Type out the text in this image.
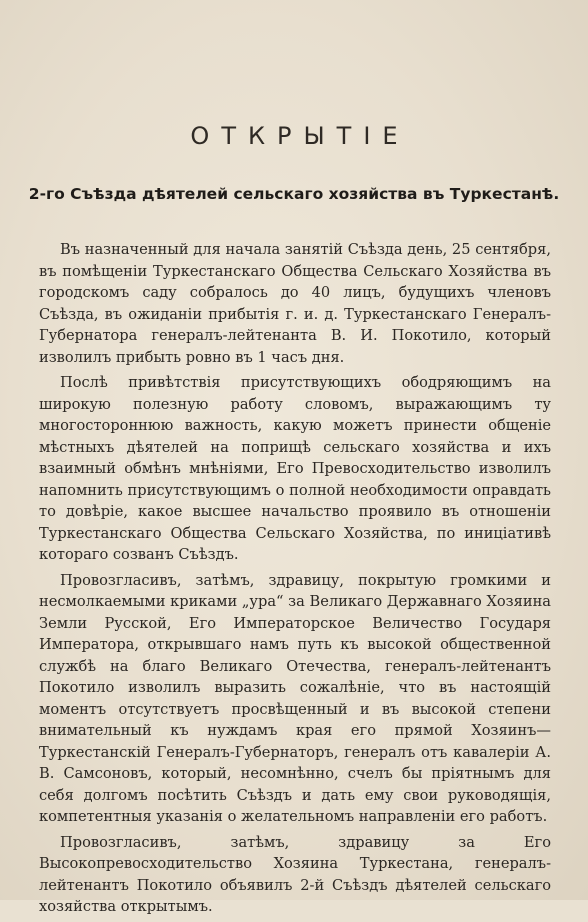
ОТКРЫТІЕ
2-го Съѣзда дѣятелей сельскаго хозяйства въ Туркестанѣ.

Въ назначенный для начала занятій Съѣзда день, 25 сентября, въ помѣщеніи Туркестанскаго Общества Сельскаго Хозяйства въ городскомъ саду собралось до 40 лицъ, будущихъ членовъ Съѣзда, въ ожиданіи прибытія г. и. д. Туркестанскаго Генералъ-Губернатора генералъ-лейтенанта В. И. Покотило, который изволилъ прибыть ровно въ 1 часъ дня.

Послѣ привѣтствія присутствующихъ ободряющимъ на широкую полезную работу словомъ, выражающимъ ту многостороннюю важность, какую можетъ принести общеніе мѣстныхъ дѣятелей на поприщѣ сельскаго хозяйства и ихъ взаимный обмѣнъ мнѣніями, Его Превосходительство изволилъ напомнить присутствующимъ о полной необходимости оправдать то довѣріе, какое высшее начальство проявило въ отношеніи Туркестанскаго Общества Сельскаго Хозяйства, по иниціативѣ котораго созванъ Съѣздъ.

Провозгласивъ, затѣмъ, здравицу, покрытую громкими и несмолкаемыми криками „ура“ за Великаго Державнаго Хозяина Земли Русской, Его Императорское Величество Государя Императора, открывшаго намъ путь къ высокой общественной службѣ на благо Великаго Отечества, генералъ-лейтенантъ Покотило изволилъ выразить сожалѣніе, что въ настоящій моментъ отсутствуетъ просвѣщенный и въ высокой степени внимательный къ нуждамъ края его прямой Хозяинъ—Туркестанскій Генералъ-Губернаторъ, генералъ отъ кавалеріи А. В. Самсоновъ, который, несомнѣнно, счелъ бы пріятнымъ для себя долгомъ посѣтить Съѣздъ и дать ему свои руководящія, компетентныя указанія о желательномъ направленіи его работъ.

Провозгласивъ, затѣмъ, здравицу за Его Высокопревосходительство Хозяина Туркестана, генералъ-лейтенантъ Покотило объявилъ 2-й Съѣздъ дѣятелей сельскаго хозяйства открытымъ.
